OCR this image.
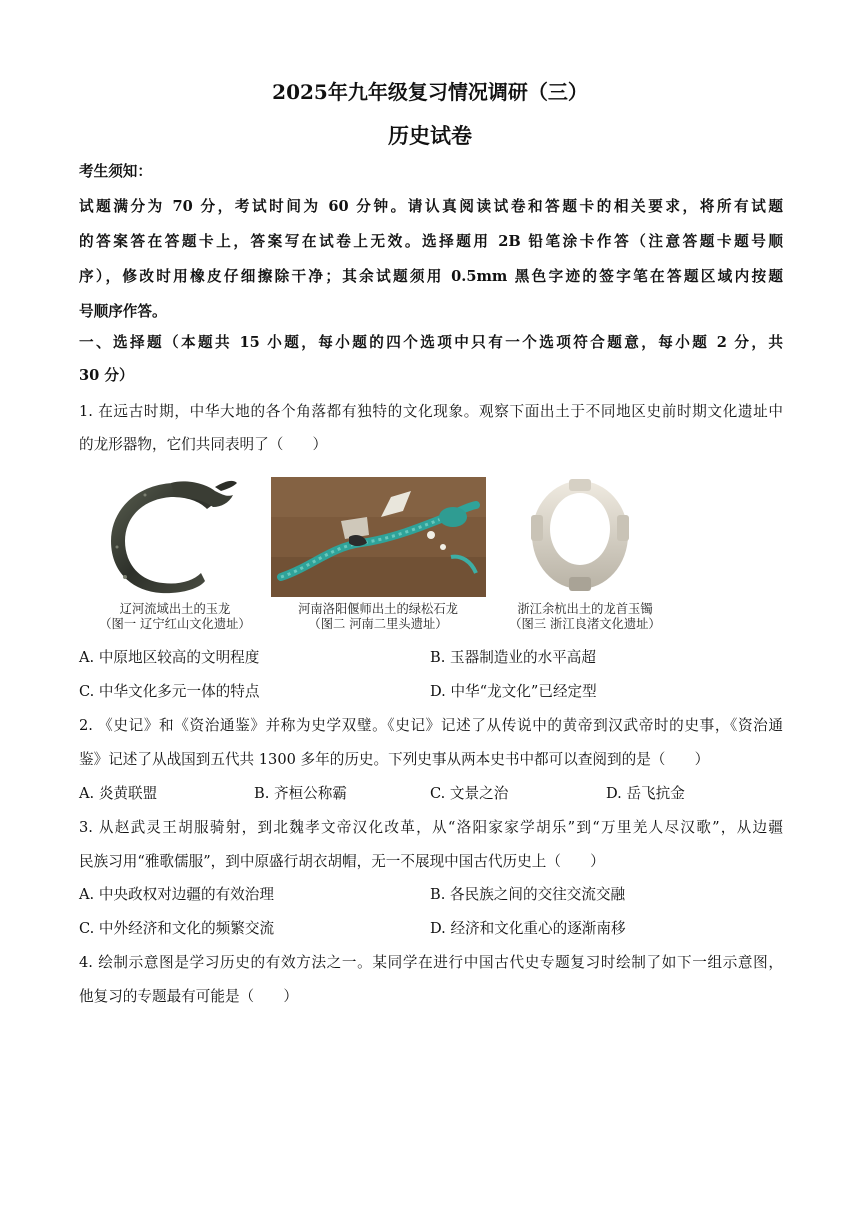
2025年九年级复习情况调研（三）
历史试卷
考生须知：
试题满分为 70 分，考试时间为 60 分钟。请认真阅读试卷和答题卡的相关要求，将所有试题
的答案答在答题卡上，答案写在试卷上无效。选择题用 2B 铅笔涂卡作答（注意答题卡题号顺
序），修改时用橡皮仔细擦除干净；其余试题须用 0.5mm 黑色字迹的签字笔在答题区域内按题
号顺序作答。
一、选择题（本题共 15 小题，每小题的四个选项中只有一个选项符合题意，每小题 2 分，共
30 分）
1. 在远古时期，中华大地的各个角落都有独特的文化现象。观察下面出土于不同地区史前时期文化遗址中
的龙形器物，它们共同表明了（　　）
辽河流域出土的玉龙
（图一 辽宁红山文化遗址）
河南洛阳偃师出土的绿松石龙
（图二 河南二里头遗址）
浙江余杭出土的龙首玉镯
（图三 浙江良渚文化遗址）
A. 中原地区较高的文明程度	B. 玉器制造业的水平高超
C. 中华文化多元一体的特点	D. 中华“龙文化”已经定型
2. 《史记》和《资治通鉴》并称为史学双璧。《史记》记述了从传说中的黄帝到汉武帝时的史事，《资治通
鉴》记述了从战国到五代共 1300 多年的历史。下列史事从两本史书中都可以查阅到的是（　　）
A. 炎黄联盟	B. 齐桓公称霸	C. 文景之治	D. 岳飞抗金
3. 从赵武灵王胡服骑射，到北魏孝文帝汉化改革，从“洛阳家家学胡乐”到“万里羌人尽汉歌”，从边疆
民族习用“雅歌儒服”，到中原盛行胡衣胡帽，无一不展现中国古代历史上（　　）
A. 中央政权对边疆的有效治理	B. 各民族之间的交往交流交融
C. 中外经济和文化的频繁交流	D. 经济和文化重心的逐渐南移
4. 绘制示意图是学习历史的有效方法之一。某同学在进行中国古代史专题复习时绘制了如下一组示意图，
他复习的专题最有可能是（　　）
